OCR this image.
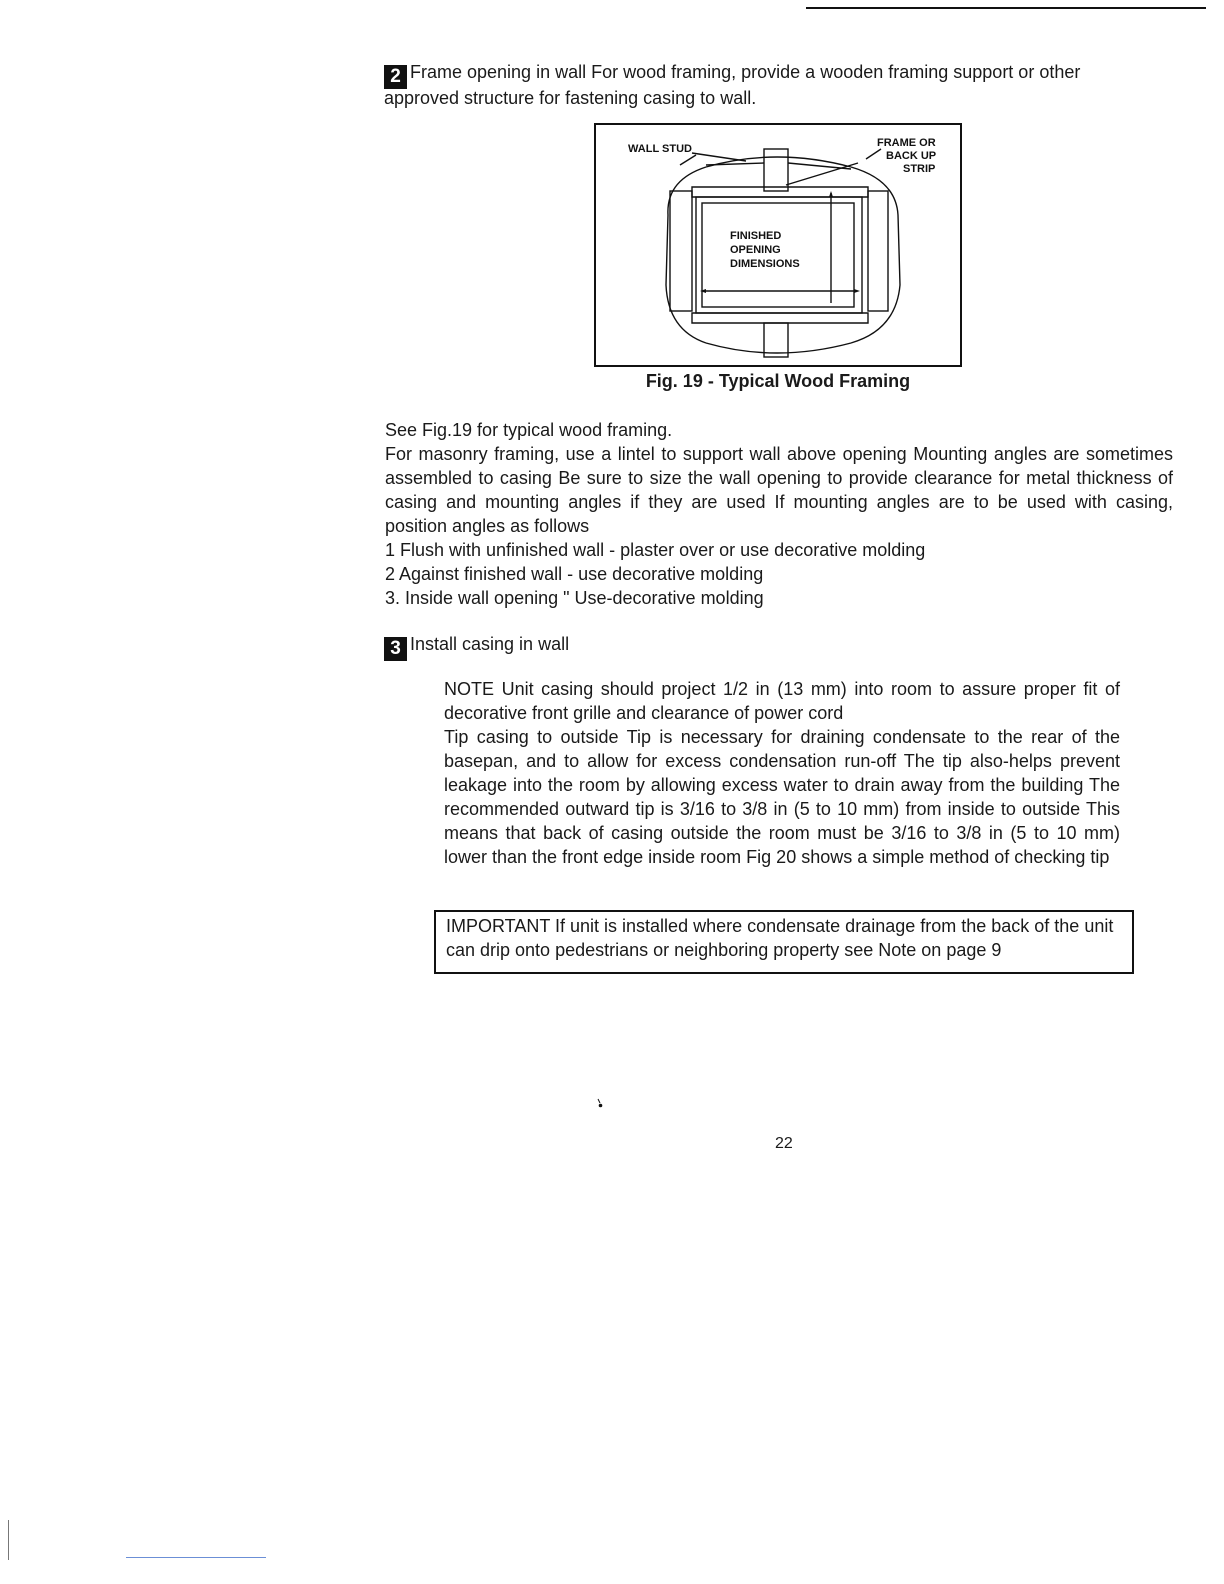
2 Frame opening in wall For wood framing, provide a wooden framing support or other
approved structure for fastening casing to wall.
WALL STUD	FRAME OR
BACK UP
STRIP
FINISHED
OPENING
DIMENSIONS
Fig. 19 - Typical Wood Framing

See Fig.19 for typical wood framing.

For masonry framing, use a lintel to support wall above opening Mounting angles are sometimes assembled to casing Be sure to size the wall opening to provide clearance for metal thickness of casing and mounting angles if they are used If mounting angles are to be used with casing, position angles as follows

1 Flush with unfinished wall - plaster over or use decorative molding

2 Against finished wall - use decorative molding

3. Inside wall opening " Use-decorative molding

3 Install casing in wall

NOTE Unit casing should project 1/2 in (13 mm) into room to assure proper fit of decorative front grille and clearance of power cord

Tip casing to outside Tip is necessary for draining condensate to the rear of the basepan, and to allow for excess condensation run-off The tip also-helps prevent leakage into the room by allowing excess water to drain away from the building The recommended outward tip is 3/16 to 3/8 in (5 to 10 mm) from inside to outside This means that back of casing outside the room must be 3/16 to 3/8 in (5 to 10 mm) lower than the front edge inside room Fig 20 shows a simple method of checking tip

IMPORTANT If unit is installed where condensate drainage from the back of the unit can drip onto pedestrians or neighboring property see Note on page 9
22
